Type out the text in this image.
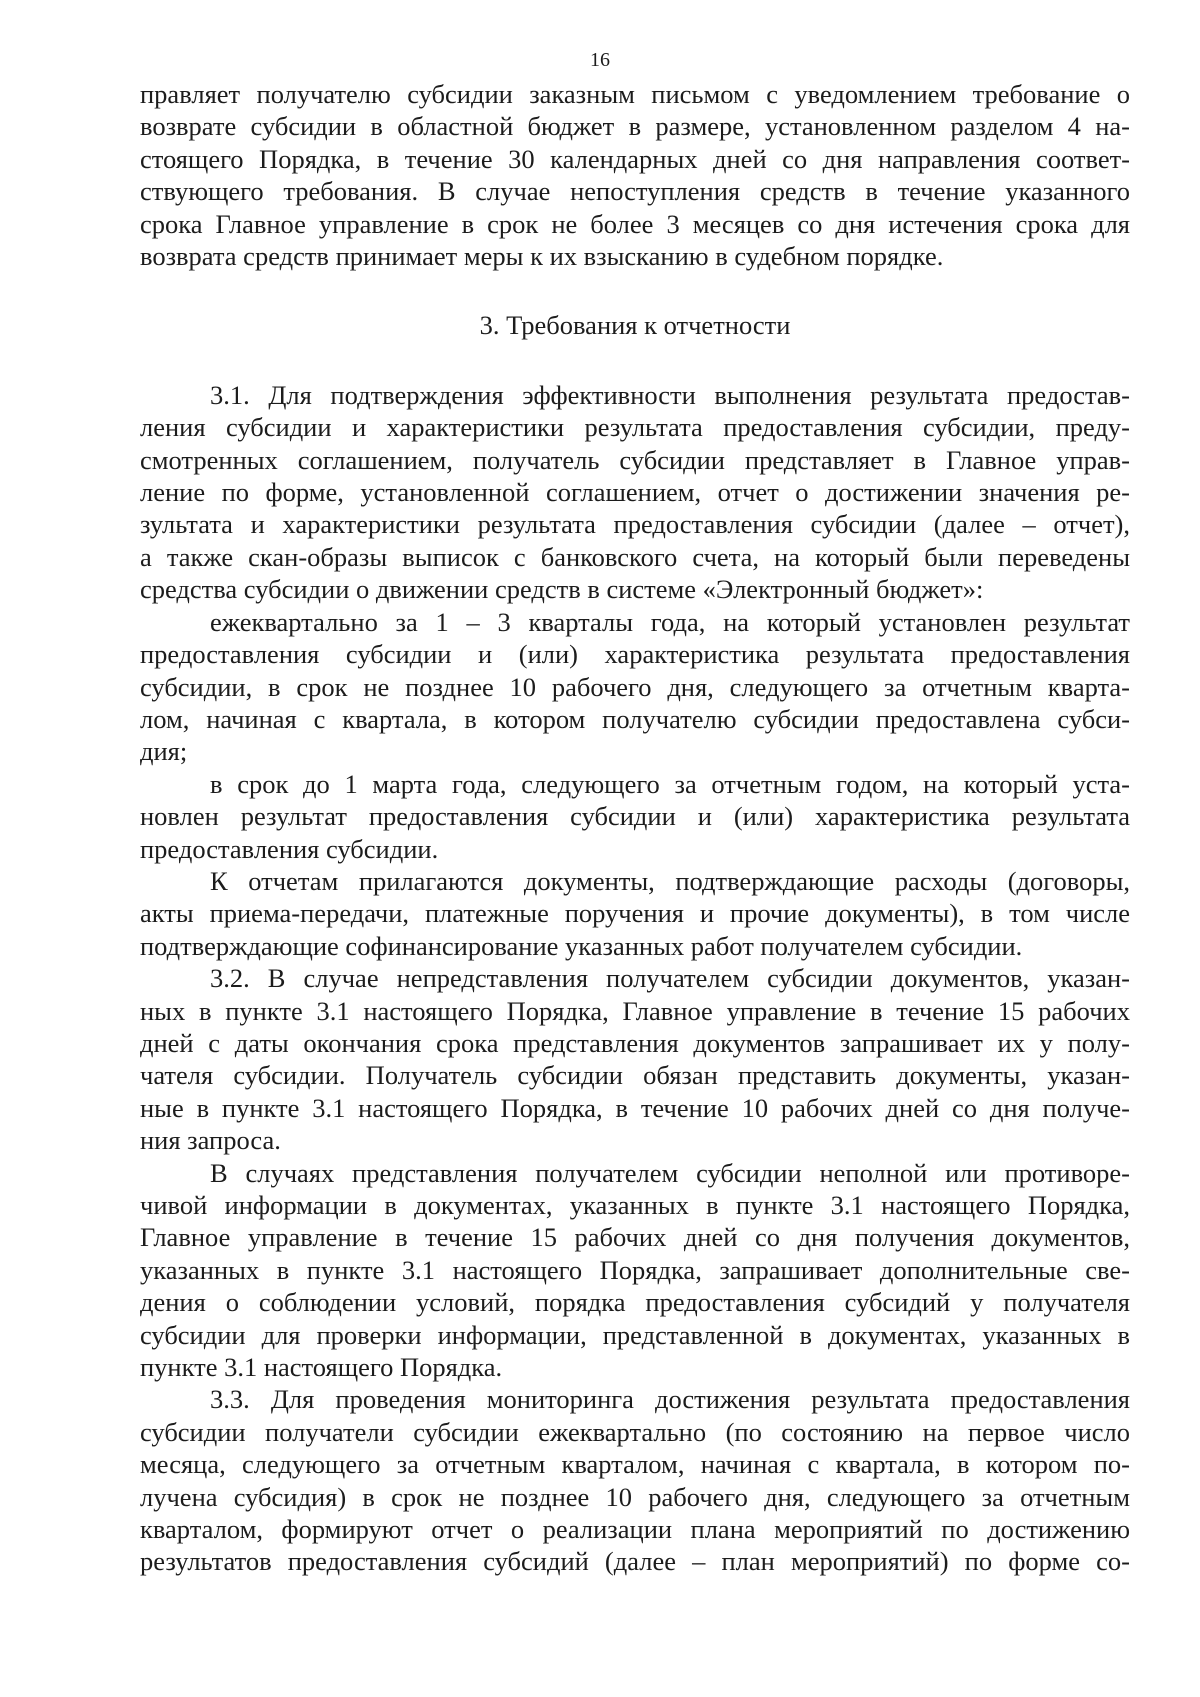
16

правляет получателю субсидии заказным письмом с уведомлением требование о

возврате субсидии в областной бюджет в размере, установленном разделом 4 на-

стоящего Порядка, в течение 30 календарных дней со дня направления соответ-

ствующего требования. В случае непоступления средств в течение указанного

срока Главное управление в срок не более 3 месяцев со дня истечения срока для

возврата средств принимает меры к их взысканию в судебном порядке.

3. Требования к отчетности

3.1. Для подтверждения эффективности выполнения результата предостав-

ления субсидии и характеристики результата предоставления субсидии, преду-

смотренных соглашением, получатель субсидии представляет в Главное управ-

ление по форме, установленной соглашением, отчет о достижении значения ре-

зультата и характеристики результата предоставления субсидии (далее – отчет),

а также скан-образы выписок с банковского счета, на который были переведены

средства субсидии о движении средств в системе «Электронный бюджет»:

ежеквартально за 1 – 3 кварталы года, на который установлен результат

предоставления субсидии и (или) характеристика результата предоставления

субсидии, в срок не позднее 10 рабочего дня, следующего за отчетным кварта-

лом, начиная с квартала, в котором получателю субсидии предоставлена субси-

дия;

в срок до 1 марта года, следующего за отчетным годом, на который уста-

новлен результат предоставления субсидии и (или) характеристика результата

предоставления субсидии.

К отчетам прилагаются документы, подтверждающие расходы (договоры,

акты приема-передачи, платежные поручения и прочие документы), в том числе

подтверждающие софинансирование указанных работ получателем субсидии.

3.2. В случае непредставления получателем субсидии документов, указан-

ных в пункте 3.1 настоящего Порядка, Главное управление в течение 15 рабочих

дней с даты окончания срока представления документов запрашивает их у полу-

чателя субсидии. Получатель субсидии обязан представить документы, указан-

ные в пункте 3.1 настоящего Порядка, в течение 10 рабочих дней со дня получе-

ния запроса.

В случаях представления получателем субсидии неполной или противоре-

чивой информации в документах, указанных в пункте 3.1 настоящего Порядка,

Главное управление в течение 15 рабочих дней со дня получения документов,

указанных в пункте 3.1 настоящего Порядка, запрашивает дополнительные све-

дения о соблюдении условий, порядка предоставления субсидий у получателя

субсидии для проверки информации, представленной в документах, указанных в

пункте 3.1 настоящего Порядка.

3.3. Для проведения мониторинга достижения результата предоставления

субсидии получатели субсидии ежеквартально (по состоянию на первое число

месяца, следующего за отчетным кварталом, начиная с квартала, в котором по-

лучена субсидия) в срок не позднее 10 рабочего дня, следующего за отчетным

кварталом, формируют отчет о реализации плана мероприятий по достижению

результатов предоставления субсидий (далее – план мероприятий) по форме со-
